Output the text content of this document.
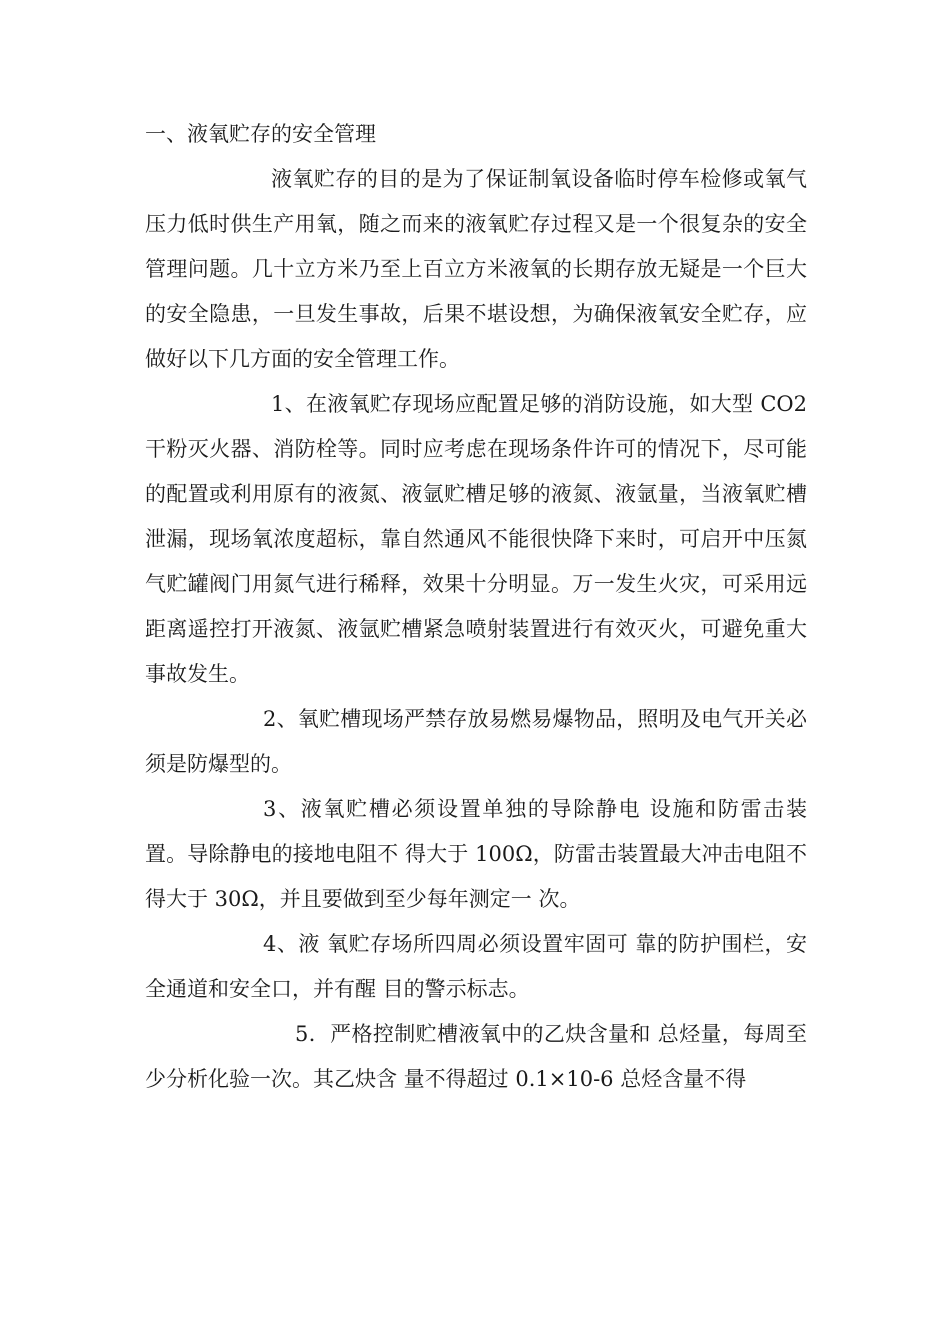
一、液氧贮存的安全管理

液氧贮存的目的是为了保证制氧设备临时停车检修或氧气压力低时供生产用氧，随之而来的液氧贮存过程又是一个很复杂的安全管理问题。几十立方米乃至上百立方米液氧的长期存放无疑是一个巨大的安全隐患，一旦发生事故，后果不堪设想，为确保液氧安全贮存，应做好以下几方面的安全管理工作。

1、在液氧贮存现场应配置足够的消防设施，如大型 CO2 干粉灭火器、消防栓等。同时应考虑在现场条件许可的情况下，尽可能的配置或利用原有的液氮、液氩贮槽足够的液氮、液氩量，当液氧贮槽泄漏，现场氧浓度超标，靠自然通风不能很快降下来时，可启开中压氮气贮罐阀门用氮气进行稀释，效果十分明显。万一发生火灾，可采用远距离遥控打开液氮、液氩贮槽紧急喷射装置进行有效灭火，可避免重大事故发生。

2、氧贮槽现场严禁存放易燃易爆物品，照明及电气开关必须是防爆型的。

3、液氧贮槽必须设置单独的导除静电 设施和防雷击装置。导除静电的接地电阻不 得大于 100Ω，防雷击装置最大冲击电阻不 得大于 30Ω，并且要做到至少每年测定一 次。

4、液 氧贮存场所四周必须设置牢固可 靠的防护围栏，安全通道和安全口，并有醒 目的警示标志。

5．严格控制贮槽液氧中的乙炔含量和 总烃量，每周至少分析化验一次。其乙炔含 量不得超过 0.1×10-6 总烃含量不得
